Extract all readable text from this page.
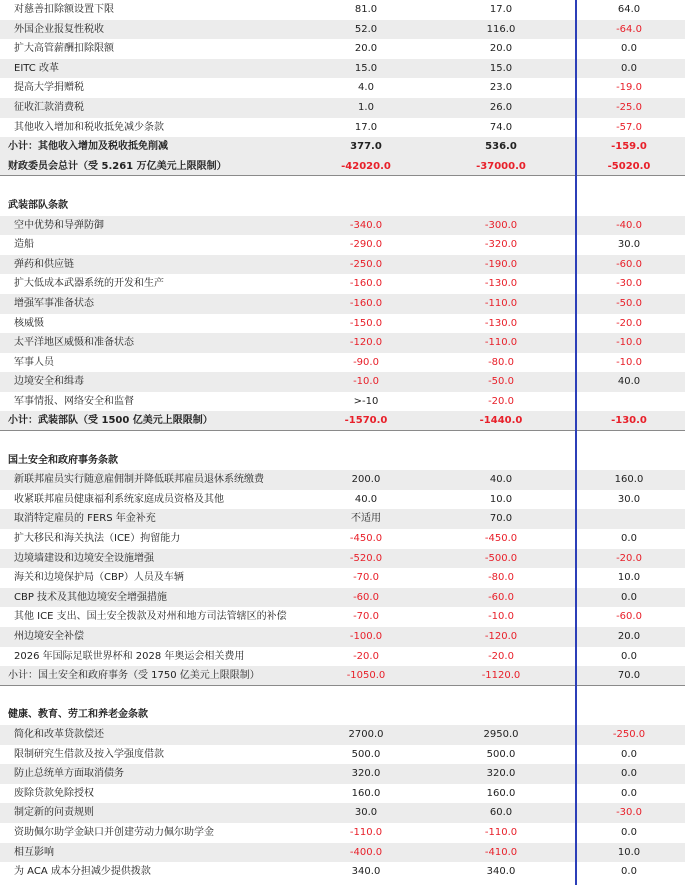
对慈善扣除额设置下限	81.0	17.0	64.0
外国企业报复性税收	52.0	116.0	-64.0
扩大高管薪酬扣除限额	20.0	20.0	0.0
EITC 改革	15.0	15.0	0.0
提高大学捐赠税	4.0	23.0	-19.0
征收汇款消费税	1.0	26.0	-25.0
其他收入增加和税收抵免减少条款	17.0	74.0	-57.0
小计：其他收入增加及税收抵免削减	377.0	536.0	-159.0
财政委员会总计（受 5.261 万亿美元上限限制）	-42020.0	-37000.0	-5020.0
武装部队条款
空中优势和导弹防御	-340.0	-300.0	-40.0
造船	-290.0	-320.0	30.0
弹药和供应链	-250.0	-190.0	-60.0
扩大低成本武器系统的开发和生产	-160.0	-130.0	-30.0
增强军事准备状态	-160.0	-110.0	-50.0
核威慑	-150.0	-130.0	-20.0
太平洋地区威慑和准备状态	-120.0	-110.0	-10.0
军事人员	-90.0	-80.0	-10.0
边境安全和缉毒	-10.0	-50.0	40.0
军事情报、网络安全和监督	>-10	-20.0
小计：武装部队（受 1500 亿美元上限限制）	-1570.0	-1440.0	-130.0
国土安全和政府事务条款
新联邦雇员实行随意雇佣制并降低联邦雇员退休系统缴费	200.0	40.0	160.0
收紧联邦雇员健康福利系统家庭成员资格及其他	40.0	10.0	30.0
取消特定雇员的 FERS 年金补充	不适用	70.0
扩大移民和海关执法（ICE）拘留能力	-450.0	-450.0	0.0
边境墙建设和边境安全设施增强	-520.0	-500.0	-20.0
海关和边境保护局（CBP）人员及车辆	-70.0	-80.0	10.0
CBP 技术及其他边境安全增强措施	-60.0	-60.0	0.0
其他 ICE 支出、国土安全拨款及对州和地方司法管辖区的补偿	-70.0	-10.0	-60.0
州边境安全补偿	-100.0	-120.0	20.0
2026 年国际足联世界杯和 2028 年奥运会相关费用	-20.0	-20.0	0.0
小计：国土安全和政府事务（受 1750 亿美元上限限制）	-1050.0	-1120.0	70.0
健康、教育、劳工和养老金条款
简化和改革贷款偿还	2700.0	2950.0	-250.0
限制研究生借款及按入学强度借款	500.0	500.0	0.0
防止总统单方面取消债务	320.0	320.0	0.0
废除贷款免除授权	160.0	160.0	0.0
制定新的问责规则	30.0	60.0	-30.0
资助佩尔助学金缺口并创建劳动力佩尔助学金	-110.0	-110.0	0.0
相互影响	-400.0	-410.0	10.0
为 ACA 成本分担减少提供拨款	340.0	340.0	0.0
